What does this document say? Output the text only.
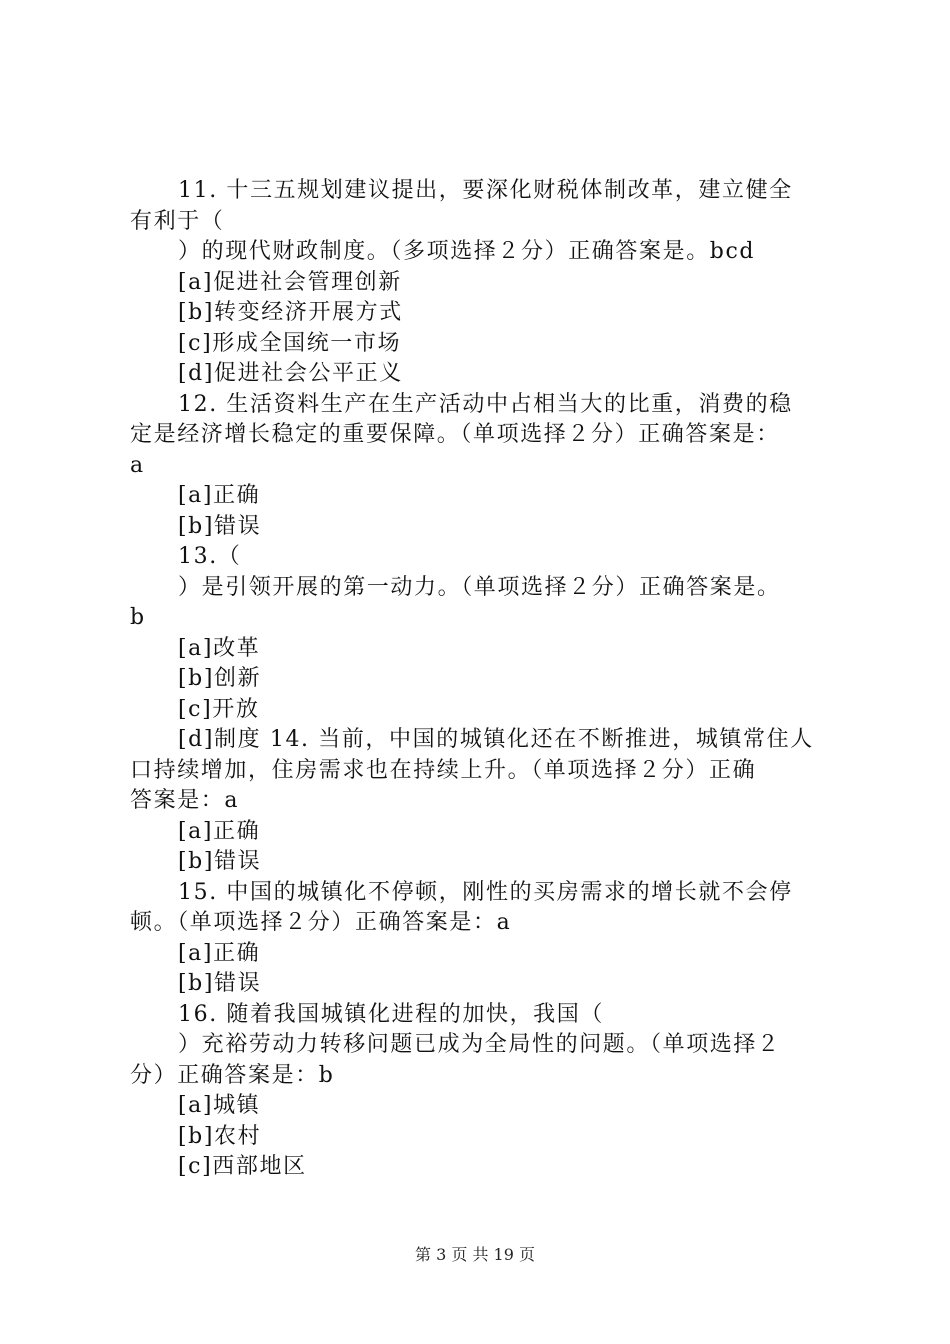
11. 十三五规划建议提出，要深化财税体制改革，建立健全
有利于（
）的现代财政制度。（多项选择２分）正确答案是。bcd
[a]促进社会管理创新
[b]转变经济开展方式
[c]形成全国统一市场
[d]促进社会公平正义
12. 生活资料生产在生产活动中占相当大的比重，消费的稳
定是经济增长稳定的重要保障。（单项选择２分）正确答案是：
a
[a]正确
[b]错误
13.（
）是引领开展的第一动力。（单项选择２分）正确答案是。
b
[a]改革
[b]创新
[c]开放
[d]制度 14. 当前，中国的城镇化还在不断推进，城镇常住人
口持续增加，住房需求也在持续上升。（单项选择２分）正确
答案是：a
[a]正确
[b]错误
15. 中国的城镇化不停顿，刚性的买房需求的增长就不会停
顿。（单项选择２分）正确答案是：a
[a]正确
[b]错误
16. 随着我国城镇化进程的加快，我国（
）充裕劳动力转移问题已成为全局性的问题。（单项选择２
分）正确答案是：b
[a]城镇
[b]农村
[c]西部地区
第 3 页 共 19 页
